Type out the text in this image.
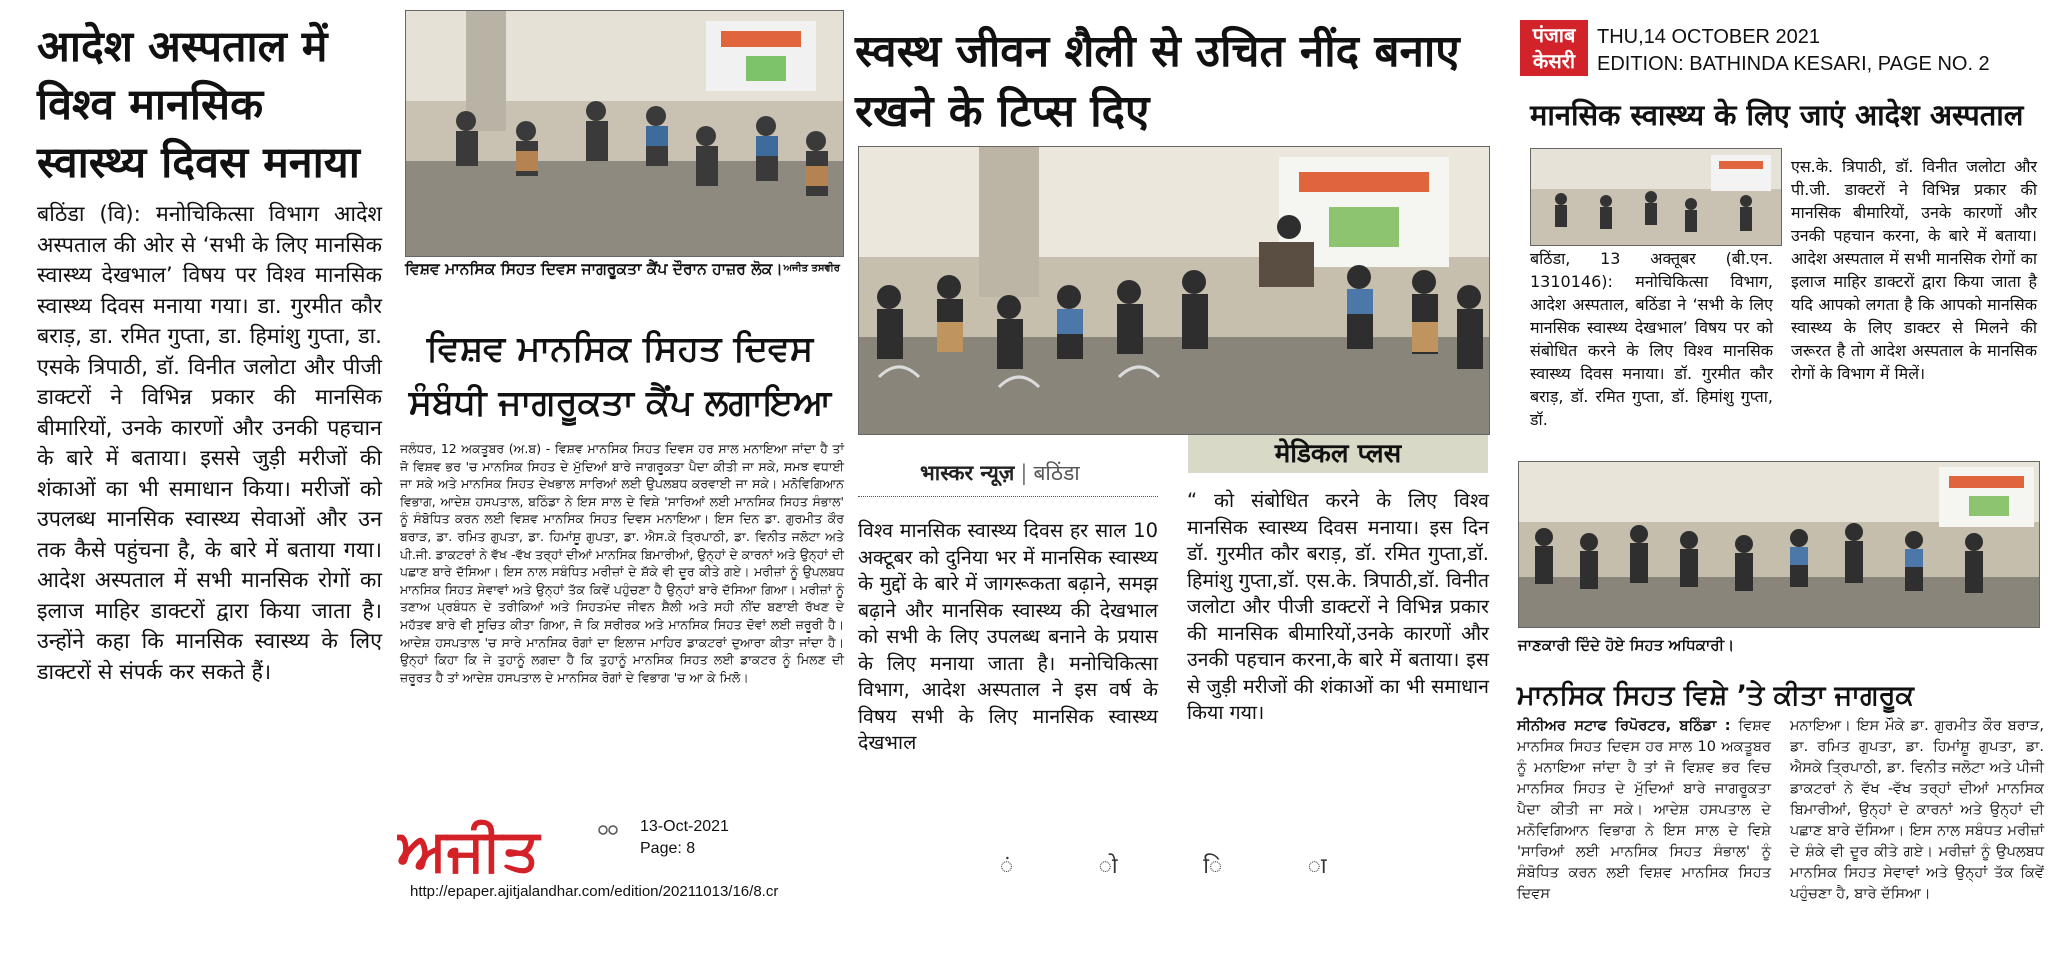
आदेश अस्पताल में विश्व मानसिक स्वास्थ्य दिवस मनाया
बठिंडा (वि): मनोचिकित्सा विभाग आदेश अस्पताल की ओर से ‘सभी के लिए मानसिक स्वास्थ्य देखभाल’ विषय पर विश्व मानसिक स्वास्थ्य दिवस मनाया गया। डा. गुरमीत कौर बराड़, डा. रमित गुप्ता, डा. हिमांशु गुप्ता, डा. एसके त्रिपाठी, डॉ. विनीत जलोटा और पीजी डाक्टरों ने विभिन्न प्रकार की मानसिक बीमारियों, उनके कारणों और उनकी पहचान के बारे में बताया। इससे जुड़ी मरीजों की शंकाओं का भी समाधान किया। मरीजों को उपलब्ध मानसिक स्वास्थ्य सेवाओं और उन तक कैसे पहुंचना है, के बारे में बताया गया। आदेश अस्पताल में सभी मानसिक रोगों का इलाज माहिर डाक्टरों द्वारा किया जाता है। उन्होंने कहा कि मानसिक स्वास्थ्य के लिए डाक्टरों से संपर्क कर सकते हैं।
ਵਿਸ਼ਵ ਮਾਨਸਿਕ ਸਿਹਤ ਦਿਵਸ ਜਾਗਰੂਕਤਾ ਕੈਂਪ ਦੌਰਾਨ ਹਾਜ਼ਰ ਲੋਕ। ਅਜੀਤ ਤਸਵੀਰ
ਵਿਸ਼ਵ ਮਾਨਸਿਕ ਸਿਹਤ ਦਿਵਸ ਸੰਬੰਧੀ ਜਾਗਰੂਕਤਾ ਕੈਂਪ ਲਗਾਇਆ
ਜਲੰਧਰ, 12 ਅਕਤੂਬਰ (ਅ.ਬ) - ਵਿਸ਼ਵ ਮਾਨਸਿਕ ਸਿਹਤ ਦਿਵਸ ਹਰ ਸਾਲ ਮਨਾਇਆ ਜਾਂਦਾ ਹੈ ਤਾਂ ਜੋ ਵਿਸ਼ਵ ਭਰ 'ਚ ਮਾਨਸਿਕ ਸਿਹਤ ਦੇ ਮੁੱਦਿਆਂ ਬਾਰੇ ਜਾਗਰੂਕਤਾ ਪੈਦਾ ਕੀਤੀ ਜਾ ਸਕੇ, ਸਮਝ ਵਧਾਈ ਜਾ ਸਕੇ ਅਤੇ ਮਾਨਸਿਕ ਸਿਹਤ ਦੇਖਭਾਲ ਸਾਰਿਆਂ ਲਈ ਉਪਲਬਧ ਕਰਵਾਈ ਜਾ ਸਕੇ। ਮਨੋਵਿਗਿਆਨ ਵਿਭਾਗ, ਆਦੇਸ਼ ਹਸਪਤਾਲ, ਬਠਿੰਡਾ ਨੇ ਇਸ ਸਾਲ ਦੇ ਵਿਸ਼ੇ 'ਸਾਰਿਆਂ ਲਈ ਮਾਨਸਿਕ ਸਿਹਤ ਸੰਭਾਲ' ਨੂੰ ਸੰਬੋਧਿਤ ਕਰਨ ਲਈ ਵਿਸ਼ਵ ਮਾਨਸਿਕ ਸਿਹਤ ਦਿਵਸ ਮਨਾਇਆ। ਇਸ ਦਿਨ ਡਾ. ਗੁਰਮੀਤ ਕੌਰ ਬਰਾੜ, ਡਾ. ਰਮਿਤ ਗੁਪਤਾ, ਡਾ. ਹਿਮਾਂਸ਼ੂ ਗੁਪਤਾ, ਡਾ. ਐਸ.ਕੇ ਤ੍ਰਿਪਾਠੀ, ਡਾ. ਵਿਨੀਤ ਜਲੋਟਾ ਅਤੇ ਪੀ.ਜੀ. ਡਾਕਟਰਾਂ ਨੇ ਵੱਖ -ਵੱਖ ਤਰ੍ਹਾਂ ਦੀਆਂ ਮਾਨਸਿਕ ਬਿਮਾਰੀਆਂ, ਉਨ੍ਹਾਂ ਦੇ ਕਾਰਨਾਂ ਅਤੇ ਉਨ੍ਹਾਂ ਦੀ ਪਛਾਣ ਬਾਰੇ ਦੱਸਿਆ। ਇਸ ਨਾਲ ਸਬੰਧਿਤ ਮਰੀਜ਼ਾਂ ਦੇ ਸ਼ੱਕੇ ਵੀ ਦੂਰ ਕੀਤੇ ਗਏ। ਮਰੀਜ਼ਾਂ ਨੂੰ ਉਪਲਬਧ ਮਾਨਸਿਕ ਸਿਹਤ ਸੇਵਾਵਾਂ ਅਤੇ ਉਨ੍ਹਾਂ ਤੱਕ ਕਿਵੇਂ ਪਹੁੰਚਣਾ ਹੈ ਉਨ੍ਹਾਂ ਬਾਰੇ ਦੱਸਿਆ ਗਿਆ। ਮਰੀਜ਼ਾਂ ਨੂੰ ਤਣਾਅ ਪ੍ਰਬੰਧਨ ਦੇ ਤਰੀਕਿਆਂ ਅਤੇ ਸਿਹਤਮੰਦ ਜੀਵਨ ਸ਼ੈਲੀ ਅਤੇ ਸਹੀ ਨੀਂਦ ਬਣਾਈ ਰੱਖਣ ਦੇ ਮਹੱਤਵ ਬਾਰੇ ਵੀ ਸੂਚਿਤ ਕੀਤਾ ਗਿਆ, ਜੋ ਕਿ ਸਰੀਰਕ ਅਤੇ ਮਾਨਸਿਕ ਸਿਹਤ ਦੋਵਾਂ ਲਈ ਜ਼ਰੂਰੀ ਹੈ। ਆਦੇਸ਼ ਹਸਪਤਾਲ 'ਚ ਸਾਰੇ ਮਾਨਸਿਕ ਰੋਗਾਂ ਦਾ ਇਲਾਜ ਮਾਹਿਰ ਡਾਕਟਰਾਂ ਦੁਆਰਾ ਕੀਤਾ ਜਾਂਦਾ ਹੈ। ਉਨ੍ਹਾਂ ਕਿਹਾ ਕਿ ਜੇ ਤੁਹਾਨੂੰ ਲਗਦਾ ਹੈ ਕਿ ਤੁਹਾਨੂੰ ਮਾਨਸਿਕ ਸਿਹਤ ਲਈ ਡਾਕਟਰ ਨੂੰ ਮਿਲਣ ਦੀ ਜ਼ਰੂਰਤ ਹੈ ਤਾਂ ਆਦੇਸ਼ ਹਸਪਤਾਲ ਦੇ ਮਾਨਸਿਕ ਰੋਗਾਂ ਦੇ ਵਿਭਾਗ 'ਚ ਆ ਕੇ ਮਿਲੋ।
ਅਜੀਤ	13-Oct-2021
Page: 8
http://epaper.ajitjalandhar.com/edition/20211013/16/8.cr
स्वस्थ जीवन शैली से उचित नींद बनाए रखने के टिप्स दिए
भास्कर न्यूज़ | बठिंडा
मेडिकल प्लस
विश्व मानसिक स्वास्थ्य दिवस हर साल 10 अक्टूबर को दुनिया भर में मानसिक स्वास्थ्य के मुद्दों के बारे में जागरूकता बढ़ाने, समझ बढ़ाने और मानसिक स्वास्थ्य की देखभाल को सभी के लिए उपलब्ध बनाने के प्रयास के लिए मनाया जाता है। मनोचिकित्सा विभाग, आदेश अस्पताल ने इस वर्ष के विषय सभी के लिए मानसिक स्वास्थ्य देखभाल
“ को संबोधित करने के लिए विश्व मानसिक स्वास्थ्य दिवस मनाया। इस दिन डॉ. गुरमीत कौर बराड़, डॉ. रमित गुप्ता,डॉ. हिमांशु गुप्ता,डॉ. एस.के. त्रिपाठी,डॉ. विनीत जलोटा और पीजी डाक्टरों ने विभिन्न प्रकार की मानसिक बीमारियों,उनके कारणों और उनकी पहचान करना,के बारे में बताया। इस से जुड़ी मरीजों की शंकाओं का भी समाधान किया गया।
ं ो ि ा
पंजाब
केसरी
THU,14 OCTOBER 2021
EDITION: BATHINDA KESARI, PAGE NO. 2
मानसिक स्वास्थ्य के लिए जाएं आदेश अस्पताल
बठिंडा, 13 अक्तूबर (बी.एन. 1310146): मनोचिकित्सा विभाग, आदेश अस्पताल, बठिंडा ने ‘सभी के लिए मानसिक स्वास्थ्य देखभाल’ विषय पर को संबोधित करने के लिए विश्व मानसिक स्वास्थ्य दिवस मनाया। डॉ. गुरमीत कौर बराड़, डॉ. रमित गुप्ता, डॉ. हिमांशु गुप्ता, डॉ.
एस.के. त्रिपाठी, डॉ. विनीत जलोटा और पी.जी. डाक्टरों ने विभिन्न प्रकार की मानसिक बीमारियों, उनके कारणों और उनकी पहचान करना, के बारे में बताया। आदेश अस्पताल में सभी मानसिक रोगों का इलाज माहिर डाक्टरों द्वारा किया जाता है यदि आपको लगता है कि आपको मानसिक स्वास्थ्य के लिए डाक्टर से मिलने की जरूरत है तो आदेश अस्पताल के मानसिक रोगों के विभाग में मिलें।
ਜਾਣਕਾਰੀ ਦਿੰਦੇ ਹੋਏ ਸਿਹਤ ਅਧਿਕਾਰੀ।
ਮਾਨਸਿਕ ਸਿਹਤ ਵਿਸ਼ੇ ’ਤੇ ਕੀਤਾ ਜਾਗਰੂਕ
ਸੀਨੀਅਰ ਸਟਾਫ ਰਿਪੋਰਟਰ, ਬਠਿੰਡਾ : ਵਿਸ਼ਵ ਮਾਨਸਿਕ ਸਿਹਤ ਦਿਵਸ ਹਰ ਸਾਲ 10 ਅਕਤੂਬਰ ਨੂੰ ਮਨਾਇਆ ਜਾਂਦਾ ਹੈ ਤਾਂ ਜੋ ਵਿਸ਼ਵ ਭਰ ਵਿਚ ਮਾਨਸਿਕ ਸਿਹਤ ਦੇ ਮੁੱਦਿਆਂ ਬਾਰੇ ਜਾਗਰੂਕਤਾ ਪੈਦਾ ਕੀਤੀ ਜਾ ਸਕੇ। ਆਦੇਸ਼ ਹਸਪਤਾਲ ਦੇ ਮਨੋਵਿਗਿਆਨ ਵਿਭਾਗ ਨੇ ਇਸ ਸਾਲ ਦੇ ਵਿਸ਼ੇ 'ਸਾਰਿਆਂ ਲਈ ਮਾਨਸਿਕ ਸਿਹਤ ਸੰਭਾਲ' ਨੂੰ ਸੰਬੋਧਿਤ ਕਰਨ ਲਈ ਵਿਸ਼ਵ ਮਾਨਸਿਕ ਸਿਹਤ ਦਿਵਸ
ਮਨਾਇਆ। ਇਸ ਮੌਕੇ ਡਾ. ਗੁਰਮੀਤ ਕੌਰ ਬਰਾੜ, ਡਾ. ਰਮਿਤ ਗੁਪਤਾ, ਡਾ. ਹਿਮਾਂਸ਼ੂ ਗੁਪਤਾ, ਡਾ. ਐਸਕੇ ਤ੍ਰਿਪਾਠੀ, ਡਾ. ਵਿਨੀਤ ਜਲੋਟਾ ਅਤੇ ਪੀਜੀ ਡਾਕਟਰਾਂ ਨੇ ਵੱਖ -ਵੱਖ ਤਰ੍ਹਾਂ ਦੀਆਂ ਮਾਨਸਿਕ ਬਿਮਾਰੀਆਂ, ਉਨ੍ਹਾਂ ਦੇ ਕਾਰਨਾਂ ਅਤੇ ਉਨ੍ਹਾਂ ਦੀ ਪਛਾਣ ਬਾਰੇ ਦੱਸਿਆ। ਇਸ ਨਾਲ ਸਬੰਧਤ ਮਰੀਜ਼ਾਂ ਦੇ ਸ਼ੰਕੇ ਵੀ ਦੂਰ ਕੀਤੇ ਗਏ। ਮਰੀਜ਼ਾਂ ਨੂੰ ਉਪਲਬਧ ਮਾਨਸਿਕ ਸਿਹਤ ਸੇਵਾਵਾਂ ਅਤੇ ਉਨ੍ਹਾਂ ਤੱਕ ਕਿਵੇਂ ਪਹੁੰਚਣਾ ਹੈ, ਬਾਰੇ ਦੱਸਿਆ।
